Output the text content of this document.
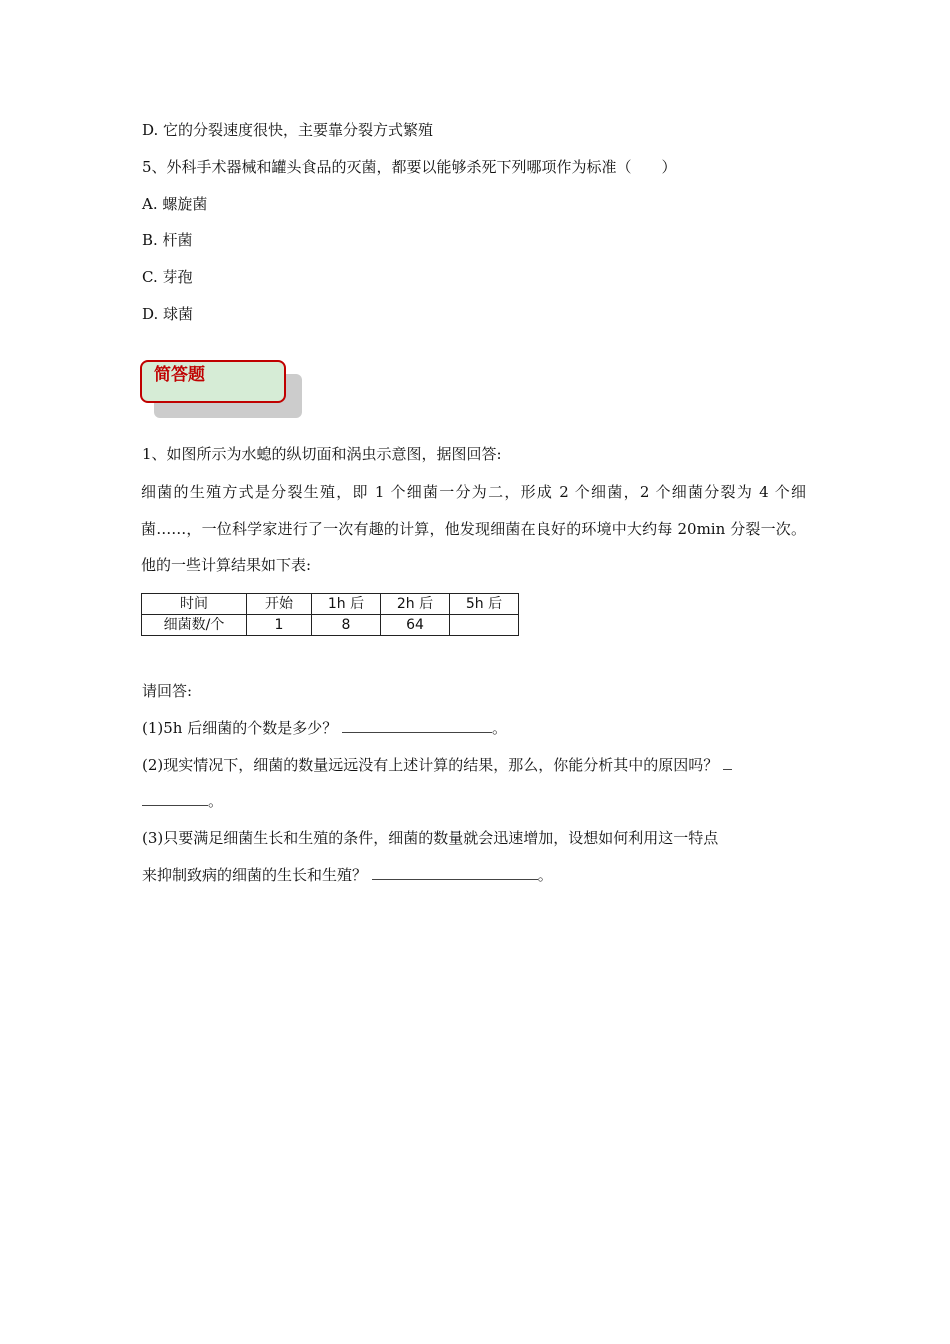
D. 它的分裂速度很快，主要靠分裂方式繁殖
5、外科手术器械和罐头食品的灭菌，都要以能够杀死下列哪项作为标准（　　）
A. 螺旋菌
B. 杆菌
C. 芽孢
D. 球菌
简答题
1、如图所示为水螅的纵切面和涡虫示意图，据图回答:
细菌的生殖方式是分裂生殖，即 1 个细菌一分为二，形成 2 个细菌，2 个细菌分裂为 4 个细菌……，一位科学家进行了一次有趣的计算，他发现细菌在良好的环境中大约每 20min 分裂一次。他的一些计算结果如下表:
时间	开始	1h 后	2h 后	5h 后
细菌数/个	1	8	64	
请回答:
(1)5h 后细菌的个数是多少？	。
(2)现实情况下，细菌的数量远远没有上述计算的结果，那么，你能分析其中的原因吗？
。
(3)只要满足细菌生长和生殖的条件，细菌的数量就会迅速增加，设想如何利用这一特点
来抑制致病的细菌的生长和生殖？	。
